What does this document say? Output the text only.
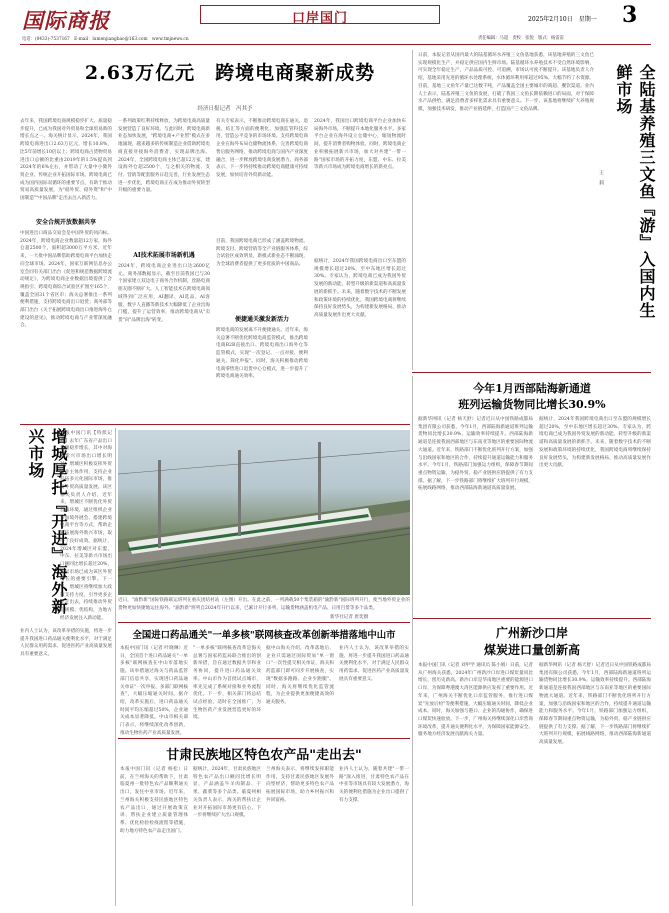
国际商报
电话：(0433)-7537167　E-mail：lumenjiangbao@163.com　www.tmjnews.cn
口岸国门	2025年2月10日　星期一 3
责任编辑：马超　责校：张悦　版式：杨雷雷
2.63万亿元　跨境电商聚新成势
经济日报记者　冯其予
去年来，我国跨境电商规模稳步扩大、质量稳步提升，已成为我国对外贸易和全球贸易新的增长点之一。海关统计显示，2024年，我国跨境电商进出口2.63万亿元，增长10.8%，比5年前增长10倍以上；跨境电商占货物贸易进出口总额的比重由2019年的1.5%提高到2024年的6%左右，并带动了大量中小微外贸企业、传统企业开拓国际市场。跨境电商已成为国内国际双循环的重要节点，有助于推动贸易高质量发展，为"稳外贸、稳外资"和"中国制造""中国品牌"走出去注入新活力。
安全合规开放数据共享
中国进出口商品交易会是中国外贸的风向标。2024年，跨境电商企业数量超12万家，海外仓超2500个，面积超3000万平方米。近年来，一大批中国品牌借助跨境电商平台加快走向全球市场。2024年，国家互联网信息办公室会同有关部门出台《促进和规范数据跨境流动规定》，为跨境电商企业数据出境提供了合规指引；跨境电商综合试验区扩围至165个，覆盖全国31个省区市；海关总署推出一系列便利措施，支持跨境电商出口退货；商务部等部门出台《关于拓展跨境电商出口推进海外仓建设的意见》，推动跨境电商与产业带深度融合。
一系列政策红利持续释放，为跨境电商高质量发展营造了良好环境。与此同时，跨境电商新业态加快发展，"跨境电商+产业带"模式在多地涌现，越来越多的传统制造企业借助跨境电商直接对接海外消费者，实现品牌出海。2024年，全国跨境电商主体已超12万家，建设海外仓超2500个，与之相关的物流、支付、营销等配套服务日趋完善，行业发展生态进一步优化，跨境电商正在成为推动外贸转型升级的重要力量。
AI技术拓展市场新机遇
2024年，跨境电商企业进出口达2600亿元。商务部数据显示，截至目前我国已与30个国家建立双边电子商务合作机制，丝路电商朋友圈不断扩大。人工智能技术在跨境电商领域得到广泛应用，AI翻译、AI选品、AI客服、数字人直播等新技术大幅降低了企业出海门槛，提升了运营效率，推动跨境电商从"卖货"向"品牌出海"转变。
有关专家表示，不断推动跨境电商在通关、退税、结汇等方面的便利化，加强监管科技应用，营造公平竞争的市场环境。支持跨境电商企业在海外布局仓储物流体系，完善跨境电商售后服务网络，推动跨境电商与国内产业深度融合，进一步释放跨境电商发展潜力。商务部表示，下一步将持续推动跨境电商健康可持续发展，加快培育外贸新动能。
目前，我国跨境电商已形成了涵盖跨境物流、跨境支付、跨境营销等全产业链服务体系，综合试验区成效明显，新模式新业态不断涌现，为全球消费者提供了更多优质的中国商品。
便捷通关激发新活力
跨境电商的发展离不开便捷通关。近年来，海关总署不断优化跨境电商监管模式，推出跨境电商B2B直接出口、跨境电商出口海外仓等监管模式，实现"一次登记、一点对接、便利通关、简化申报"。同时，海关积极推动跨境电商零售进口退货中心仓模式，进一步提升了跨境电商通关效率。
2024年，我国出口跨境电商平台企业加快布局海外市场，不断提升本地化服务水平。多家平台企业在海外设立仓储中心，缩短物流时间，提升消费者购物体验。同时，跨境电商企业积极拓展新兴市场，加大对共建"一带一路"国家市场的开拓力度，东盟、中东、拉美等新兴市场成为跨境电商增长的新亮点。
据统计，2024年我国跨境电商出口至东盟的规模增长超过20%，至中东地区增长超过30%。专家认为，跨境电商已成为我国外贸发展的新动能、转型升级的新渠道和高质量发展的新抓手。未来，随着数字技术的不断发展和政策环境的持续优化，我国跨境电商将继续保持良好发展势头，为构建新发展格局、推动高质量发展作出更大贡献。
日前，本报记者从国内最大的陆基循环水养殖三文鱼基地获悉，该基地养殖的三文鱼已实现规模化生产，并稳定供应国内生鲜市场。陆基循环水养殖技术不受自然环境影响，可实现全年稳定生产，产品品质可控、可追溯，市场认可度不断提升。该基地负责人介绍，基地采用先进的循环水处理系统，水体循环利用率超过95%，大幅节约了水资源。目前，基地三文鱼年产量已达数千吨，产品覆盖全国主要城市的商超、餐饮渠道。业内人士表示，陆基养殖三文鱼的发展，打破了我国三文鱼长期依赖进口的局面，对于保障水产品供给、满足消费者多样化需求具有重要意义。下一步，该基地将继续扩大养殖规模，加强技术研发，推动产业链延伸，打造国产三文鱼品牌。	全陆基养殖三文鱼『游』入国内生鲜市场
王　莉
增城厚托『开进』海外新兴市场	本报中国门讯【特派记者】去年广东省产品出口总额稳步增长，其中对海外新兴市场出口增长明显。增城区积极发挥外贸企业主体作用，支持企业开拓多元化国际市场，推动外贸高质量发展。该区相关负责人介绍，近年来，增城区不断优化外贸营商环境，通过组织企业参加境外展会、搭建跨境电商平台等方式，帮助企业拓展海外新兴市场，取得了良好成效。据统计，2024年增城区对东盟、中东、拉美等新兴市场出口额同比增长超过20%，新兴市场已成为该区外贸增长的重要引擎。下一步，增城区将继续加大政策支持力度，引导更多企业走出去，持续推动外贸稳规模、优结构，为地方经济发展注入新动能。
业内人士认为，该改革举措的实施，将进一步提升我国进口药品通关便利化水平，对于满足人民群众用药需求、促进医药产业高质量发展具有重要意义。
近日，"渝黔新"国际铁路联运班列在重庆团结村站（左图）开出。在此之前，一列满载50个集装箱的"渝黔新"国际班列开行，使当地外贸企业的货物更加快捷地运往海外。"渝黔新"班列自2024年开行以来，已累计开行多列，运输货物涵盖机电产品、日用百货等多个品类。
新华社记者 唐奕摄
今年1月西部陆海新通道
班列运输货物同比增长30.9%
据新华网讯（记者 杨天舒）记者近日从中国铁路成都局集团有限公司获悉，今年1月，西部陆海新通道班列运输货物同比增长30.9%，运输效率持续提升。西部陆海新通道是连接我国西部地区与东南亚等地区的重要国际物流大通道。近年来，铁路部门不断优化班列开行方案，加强与沿线国家和地区的合作，持续提升通道运输能力和服务水平。今年1月，铁路部门加强运力组织，保障春节期间重点物资运输，为稳外贸、稳产业链供应链提供了有力支撑。据了解，下一步铁路部门将继续扩大班列开行规模，拓展线路网络，推动西部陆海新通道高质量发展。
据统计，2024年我国跨境电商出口至东盟的规模增长超过20%，至中东地区增长超过30%。专家认为，跨境电商已成为我国外贸发展的新动能、转型升级的新渠道和高质量发展的新抓手。未来，随着数字技术的不断发展和政策环境的持续优化，我国跨境电商将继续保持良好发展势头，为构建新发展格局、推动高质量发展作出更大贡献。
广州新沙口岸
煤炭进口量创新高
本报中国门讯（记者 刘甲学 通讯员 陈小娟）日前，记者从广州海关获悉，2024年广州新沙口岸进口煤炭量同比增长，创历史新高。新沙口岸是华南地区重要的能源进口口岸，为保障粤港澳大湾区能源供应发挥了重要作用。近年来，广州海关不断优化口岸监管服务，推行进口煤炭"先放后检"等便利措施，大幅压缩通关时间，降低企业成本。同时，海关加强与港口、企业的沟通协作，确保进口煤炭快速验放。下一步，广州海关将继续深化口岸营商环境改革，提升通关便利化水平，为保障国家能源安全、服务地方经济发展贡献海关力量。
据新华网讯（记者 杨天舒）记者近日从中国铁路成都局集团有限公司获悉，今年1月，西部陆海新通道班列运输货物同比增长30.9%，运输效率持续提升。西部陆海新通道是连接我国西部地区与东南亚等地区的重要国际物流大通道。近年来，铁路部门不断优化班列开行方案，加强与沿线国家和地区的合作，持续提升通道运输能力和服务水平。今年1月，铁路部门加强运力组织，保障春节期间重点物资运输，为稳外贸、稳产业链供应链提供了有力支撑。据了解，下一步铁路部门将继续扩大班列开行规模，拓展线路网络，推动西部陆海新通道高质量发展。
全国进口药品通关"一单多核"联网核查改革创新举措落地中山市
本报中国门讯（记者 叶晓琳）近日，全国首个进口药品通关"一单多核"联网核查在中山市落地实施。该举措通过海关与药品监管部门信息共享，实现进口药品通关单证"一次申报、多部门联网核查"，大幅压缩通关时间。据介绍，改革实施后，进口药品通关时间平均压缩超过50%，企业通关成本显著降低。中山市相关部门表示，将继续深化改革创新，推动生物医药产业高质量发展。
"一单多核"联网核查改革是海关总署与国家药监局联合推出的创新举措，旨在通过数据共享和业务协同，提升进口药品通关效率。中山市作为首批试点城市，率先完成了系统对接和业务流程优化。下一步，相关部门将总结试点经验，适时在全国推广，为生物医药产业发展营造更好的环境。
据中山海关介绍，改革落地后，企业只需通过国际贸易"单一窗口"一次性提交相关单证，海关和药监部门即可同步开展核查，实现"数据多跑路、企业少跑腿"。同时，海关将继续优化监管流程，为企业提供更加便捷高效的通关服务。
业内人士认为，该改革举措的实施，将进一步提升我国进口药品通关便利化水平，对于满足人民群众用药需求、促进医药产业高质量发展具有重要意义。
甘肃民族地区特色农产品"走出去"
本报中国门讯（记者 杨松）日前，在兰州海关的帮助下，甘肃临夏州一批特色农产品顺利通关出口，发往中亚市场。近年来，兰州海关积极支持民族地区特色农产品出口，通过开展政策宣讲、帮扶企业建立质量管理体系、优化检验检疫流程等措施，助力地方特色农产品走出国门。
据统计，2024年，甘肃民族地区特色农产品出口额同比增长明显，产品涵盖牛羊肉制品、干果、蔬菜等多个品类。临夏州相关负责人表示，海关的帮扶让企业对开拓国际市场更有信心，下一步将继续扩大出口规模。
兰州海关表示，将继续发挥职能作用，支持甘肃民族地区发展外向型经济，帮助更多特色农产品拓展国际市场，助力乡村振兴和共同富裕。
业内人士认为，随着共建"一带一路"深入推进，甘肃特色农产品在中亚等市场具有较大发展潜力，海关的便利化措施为企业出口提供了有力支撑。
